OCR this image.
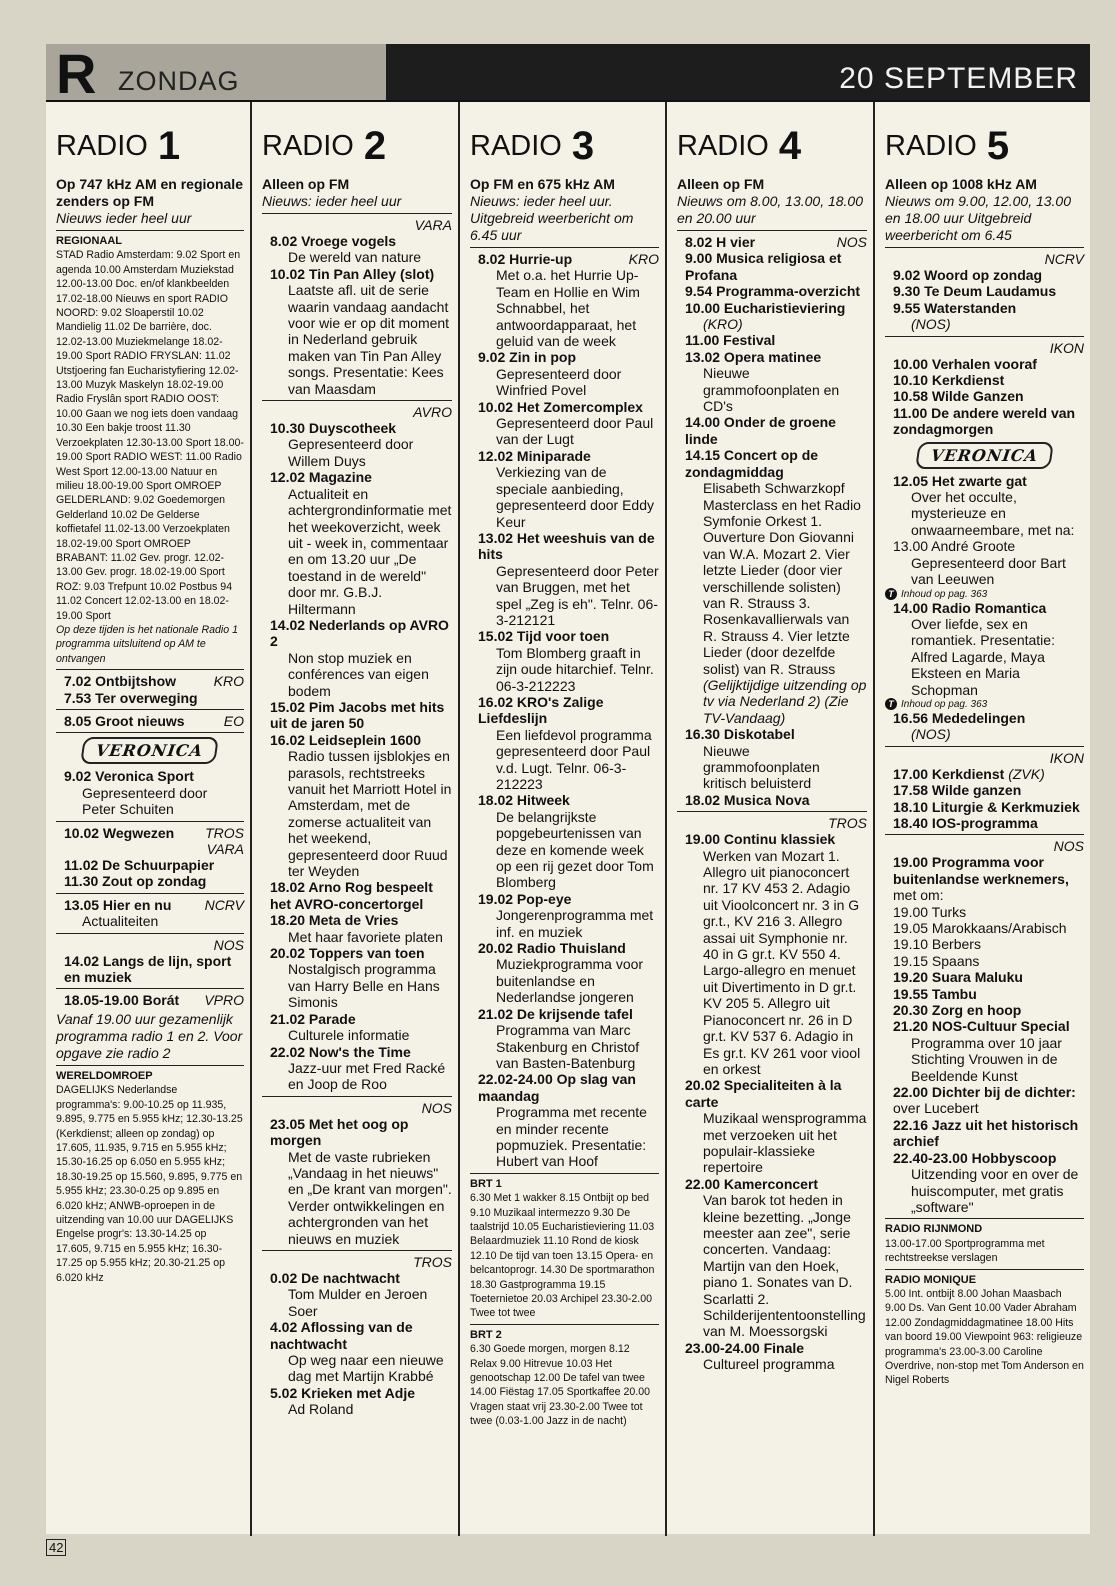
R ZONDAG	20 SEPTEMBER
RADIO 1
Op 747 kHz AM en regionale zenders op FM
Nieuws ieder heel uur
REGIONAAL
STAD Radio Amsterdam: 9.02 Sport en agenda 10.00 Amsterdam Muziekstad 12.00-13.00 Doc. en/of klankbeelden 17.02-18.00 Nieuws en sport RADIO NOORD: 9.02 Sloaperstil 10.02 Mandielig 11.02 De barrière, doc. 12.02-13.00 Muziekmelange 18.02-19.00 Sport RADIO FRYSLAN: 11.02 Utstjoering fan Eucharistyfiering 12.02-13.00 Muzyk Maskelyn 18.02-19.00 Radio Fryslân sport RADIO OOST: 10.00 Gaan we nog iets doen vandaag 10.30 Een bakje troost 11.30 Verzoekplaten 12.30-13.00 Sport 18.00-19.00 Sport RADIO WEST: 11.00 Radio West Sport 12.00-13.00 Natuur en milieu 18.00-19.00 Sport OMROEP GELDERLAND: 9.02 Goedemorgen Gelderland 10.02 De Gelderse koffietafel 11.02-13.00 Verzoekplaten 18.02-19.00 Sport OMROEP BRABANT: 11.02 Gev. progr. 12.02-13.00 Gev. progr. 18.02-19.00 Sport ROZ: 9.03 Trefpunt 10.02 Postbus 94 11.02 Concert 12.02-13.00 en 18.02-19.00 Sport
Op deze tijden is het nationale Radio 1 programma uitsluitend op AM te ontvangen
7.02 Ontbijtshow	KRO
7.53 Ter overweging
8.05 Groot nieuws	EO
VERONICA
9.02 Veronica Sport
Gepresenteerd door Peter Schuiten
10.02 Wegwezen TROS
VARA
11.02 De Schuurpapier
11.30 Zout op zondag
13.05 Hier en nu NCRV
Actualiteiten
NOS
14.02 Langs de lijn, sport en muziek
18.05-19.00 Borát VPRO
Vanaf 19.00 uur gezamenlijk programma radio 1 en 2. Voor opgave zie radio 2
WERELDOMROEP
DAGELIJKS Nederlandse programma's: 9.00-10.25 op 11.935, 9.895, 9.775 en 5.955 kHz; 12.30-13.25 (Kerkdienst; alleen op zondag) op 17.605, 11.935, 9.715 en 5.955 kHz; 15.30-16.25 op 6.050 en 5.955 kHz; 18.30-19.25 op 15.560, 9.895, 9.775 en 5.955 kHz; 23.30-0.25 op 9.895 en 6.020 kHz; ANWB-oproepen in de uitzending van 10.00 uur DAGELIJKS Engelse progr's: 13.30-14.25 op 17.605, 9.715 en 5.955 kHz; 16.30-17.25 op 5.955 kHz; 20.30-21.25 op 6.020 kHz
RADIO 2
Alleen op FM
Nieuws: ieder heel uur
VARA
8.02 Vroege vogels
De wereld van nature
10.02 Tin Pan Alley (slot)
Laatste afl. uit de serie waarin vandaag aandacht voor wie er op dit moment in Nederland gebruik maken van Tin Pan Alley songs. Presentatie: Kees van Maasdam
AVRO
10.30 Duyscotheek
Gepresenteerd door Willem Duys
12.02 Magazine
Actualiteit en achtergrondinformatie met het weekoverzicht, week uit - week in, commentaar en om 13.20 uur „De toestand in de wereld" door mr. G.B.J. Hiltermann
14.02 Nederlands op AVRO 2
Non stop muziek en conférences van eigen bodem
15.02 Pim Jacobs met hits uit de jaren 50
16.02 Leidseplein 1600
Radio tussen ijsblokjes en parasols, rechtstreeks vanuit het Marriott Hotel in Amsterdam, met de zomerse actualiteit van het weekend, gepresenteerd door Ruud ter Weyden
18.02 Arno Rog bespeelt het AVRO-concertorgel
18.20 Meta de Vries
Met haar favoriete platen
20.02 Toppers van toen
Nostalgisch programma van Harry Belle en Hans Simonis
21.02 Parade
Culturele informatie
22.02 Now's the Time
Jazz-uur met Fred Racké en Joop de Roo
NOS
23.05 Met het oog op morgen
Met de vaste rubrieken „Vandaag in het nieuws" en „De krant van morgen". Verder ontwikkelingen en achtergronden van het nieuws en muziek
TROS
0.02 De nachtwacht
Tom Mulder en Jeroen Soer
4.02 Aflossing van de nachtwacht
Op weg naar een nieuwe dag met Martijn Krabbé
5.02 Krieken met Adje
Ad Roland
RADIO 3
Op FM en 675 kHz AM
Nieuws: ieder heel uur. Uitgebreid weerbericht om 6.45 uur
8.02 Hurrie-up	KRO
Met o.a. het Hurrie Up-Team en Hollie en Wim Schnabbel, het antwoordapparaat, het geluid van de week
9.02 Zin in pop
Gepresenteerd door Winfried Povel
10.02 Het Zomercomplex
Gepresenteerd door Paul van der Lugt
12.02 Miniparade
Verkiezing van de speciale aanbieding, gepresenteerd door Eddy Keur
13.02 Het weeshuis van de hits
Gepresenteerd door Peter van Bruggen, met het spel „Zeg is eh". Telnr. 06-3-212121
15.02 Tijd voor toen
Tom Blomberg graaft in zijn oude hitarchief. Telnr. 06-3-212223
16.02 KRO's Zalige Liefdeslijn
Een liefdevol programma gepresenteerd door Paul v.d. Lugt. Telnr. 06-3-212223
18.02 Hitweek
De belangrijkste popgebeurtenissen van deze en komende week op een rij gezet door Tom Blomberg
19.02 Pop-eye
Jongerenprogramma met inf. en muziek
20.02 Radio Thuisland
Muziekprogramma voor buitenlandse en Nederlandse jongeren
21.02 De krijsende tafel
Programma van Marc Stakenburg en Christof van Basten-Batenburg
22.02-24.00 Op slag van maandag
Programma met recente en minder recente popmuziek. Presentatie: Hubert van Hoof
BRT 1
6.30 Met 1 wakker 8.15 Ontbijt op bed 9.10 Muzikaal intermezzo 9.30 De taalstrijd 10.05 Eucharistieviering 11.03 Belaardmuziek 11.10 Rond de kiosk 12.10 De tijd van toen 13.15 Opera- en belcantoprogr. 14.30 De sportmarathon 18.30 Gastprogramma 19.15 Toeternietoe 20.03 Archipel 23.30-2.00 Twee tot twee
BRT 2
6.30 Goede morgen, morgen 8.12 Relax 9.00 Hitrevue 10.03 Het genootschap 12.00 De tafel van twee 14.00 Fiëstag 17.05 Sportkaffee 20.00 Vragen staat vrij 23.30-2.00 Twee tot twee (0.03-1.00 Jazz in de nacht)
RADIO 4
Alleen op FM
Nieuws om 8.00, 13.00, 18.00 en 20.00 uur
8.02 H vier	NOS
9.00 Musica religiosa et Profana
9.54 Programma-overzicht
10.00 Eucharistieviering
(KRO)
11.00 Festival
13.02 Opera matinee
Nieuwe grammofoonplaten en CD's
14.00 Onder de groene linde
14.15 Concert op de zondagmiddag
Elisabeth Schwarzkopf Masterclass en het Radio Symfonie Orkest 1. Ouverture Don Giovanni van W.A. Mozart 2. Vier letzte Lieder (door vier verschillende solisten) van R. Strauss 3. Rosenkavallierwals van R. Strauss 4. Vier letzte Lieder (door dezelfde solist) van R. Strauss
(Gelijktijdige uitzending op tv via Nederland 2) (Zie TV-Vandaag)
16.30 Diskotabel
Nieuwe grammofoonplaten kritisch beluisterd
18.02 Musica Nova
TROS
19.00 Continu klassiek
Werken van Mozart 1. Allegro uit pianoconcert nr. 17 KV 453 2. Adagio uit Vioolconcert nr. 3 in G gr.t., KV 216 3. Allegro assai uit Symphonie nr. 40 in G gr.t. KV 550 4. Largo-allegro en menuet uit Divertimento in D gr.t. KV 205 5. Allegro uit Pianoconcert nr. 26 in D gr.t. KV 537 6. Adagio in Es gr.t. KV 261 voor viool en orkest
20.02 Specialiteiten à la carte
Muzikaal wensprogramma met verzoeken uit het populair-klassieke repertoire
22.00 Kamerconcert
Van barok tot heden in kleine bezetting. „Jonge meester aan zee", serie concerten. Vandaag: Martijn van den Hoek, piano 1. Sonates van D. Scarlatti 2. Schilderijententoonstelling van M. Moessorgski
23.00-24.00 Finale
Cultureel programma
RADIO 5
Alleen op 1008 kHz AM
Nieuws om 9.00, 12.00, 13.00 en 18.00 uur Uitgebreid weerbericht om 6.45
NCRV
9.02 Woord op zondag
9.30 Te Deum Laudamus
9.55 Waterstanden
(NOS)
IKON
10.00 Verhalen vooraf
10.10 Kerkdienst
10.58 Wilde Ganzen
11.00 De andere wereld van zondagmorgen
VERONICA
12.05 Het zwarte gat
Over het occulte, mysterieuze en onwaarneembare, met na:
13.00 André Groote
Gepresenteerd door Bart van Leeuwen
T Inhoud op pag. 363
14.00 Radio Romantica
Over liefde, sex en romantiek. Presentatie: Alfred Lagarde, Maya Eksteen en Maria Schopman
T Inhoud op pag. 363
16.56 Mededelingen
(NOS)
IKON
17.00 Kerkdienst (ZVK)
17.58 Wilde ganzen
18.10 Liturgie & Kerkmuziek
18.40 IOS-programma
NOS
19.00 Programma voor buitenlandse werknemers, met om:
19.00 Turks
19.05 Marokkaans/Arabisch
19.10 Berbers
19.15 Spaans
19.20 Suara Maluku
19.55 Tambu
20.30 Zorg en hoop
21.20 NOS-Cultuur Special
Programma over 10 jaar Stichting Vrouwen in de Beeldende Kunst
22.00 Dichter bij de dichter: over Lucebert
22.16 Jazz uit het historisch archief
22.40-23.00 Hobbyscoop
Uitzending voor en over de huiscomputer, met gratis „software"
RADIO RIJNMOND
13.00-17.00 Sportprogramma met rechtstreekse verslagen
RADIO MONIQUE
5.00 Int. ontbijt 8.00 Johan Maasbach 9.00 Ds. Van Gent 10.00 Vader Abraham 12.00 Zondagmiddagmatinee 18.00 Hits van boord 19.00 Viewpoint 963: religieuze programma's 23.00-3.00 Caroline Overdrive, non-stop met Tom Anderson en Nigel Roberts
42
